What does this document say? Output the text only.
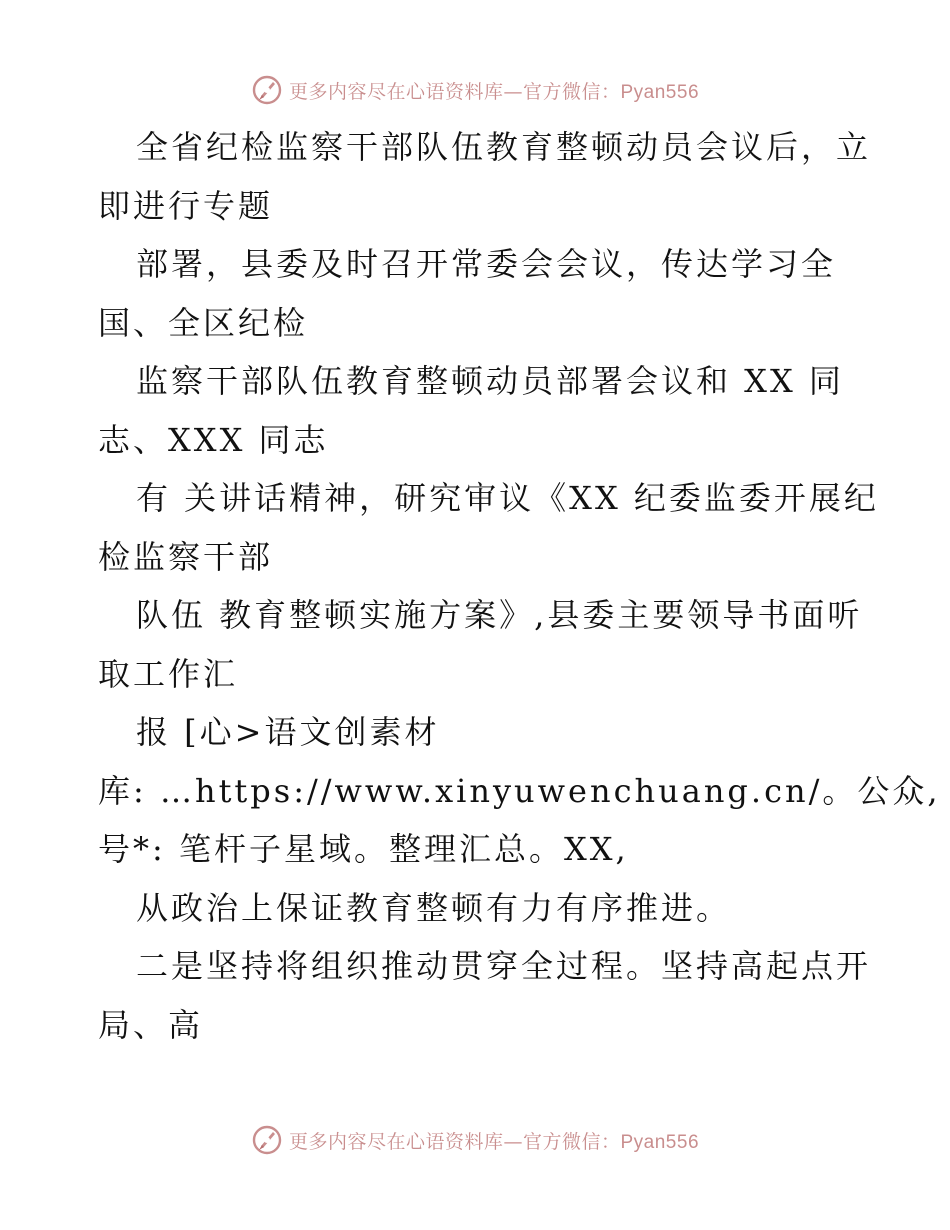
更多内容尽在心语资料库—官方微信：Pyan556
全省纪检监察干部队伍教育整顿动员会议后，立
即进行专题
部署，县委及时召开常委会会议，传达学习全
国、全区纪检
监察干部队伍教育整顿动员部署会议和 XX 同
志、XXX 同志
有 关讲话精神，研究审议《XX 纪委监委开展纪
检监察干部
队伍 教育整顿实施方案》,县委主要领导书面听
取工作汇
报 [心>语文创素材
库: …https://www.xinyuwenchuang.cn/。公众,
号*: 笔杆子星域。整理汇总。XX,
从政治上保证教育整顿有力有序推进。
二是坚持将组织推动贯穿全过程。坚持高起点开
局、高
更多内容尽在心语资料库—官方微信：Pyan556
